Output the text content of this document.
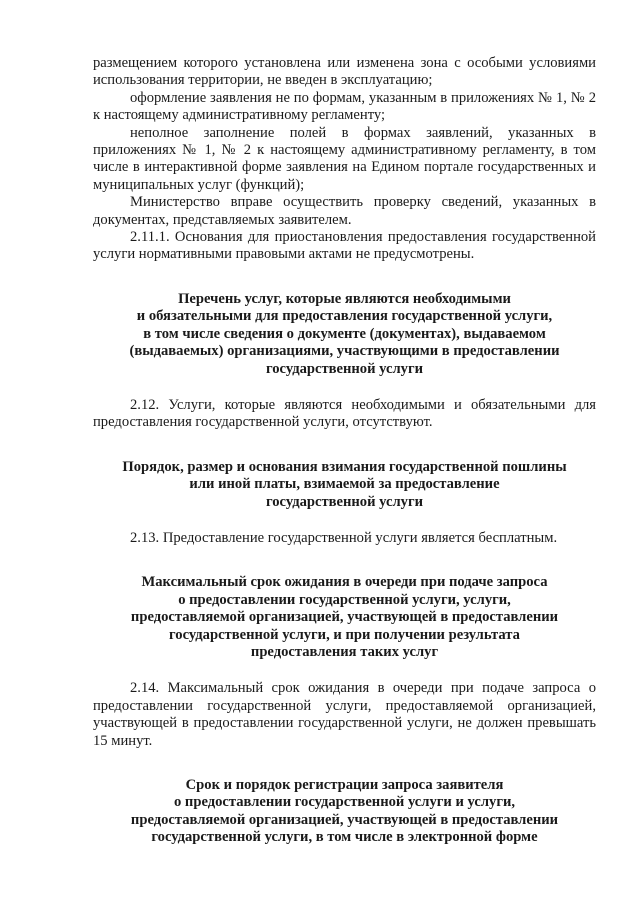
размещением которого установлена или изменена зона с особыми условиями использования территории, не введен в эксплуатацию;

оформление заявления не по формам, указанным в приложениях № 1, № 2 к настоящему административному регламенту;

неполное заполнение полей в формах заявлений, указанных в приложениях № 1, № 2 к настоящему административному регламенту, в том числе в интерактивной форме заявления на Едином портале государственных и муниципальных услуг (функций);

Министерство вправе осуществить проверку сведений, указанных в документах, представляемых заявителем.

2.11.1. Основания для приостановления предоставления государственной услуги нормативными правовыми актами не предусмотрены.

Перечень услуг, которые являются необходимыми
и обязательными для предоставления государственной услуги,
в том числе сведения о документе (документах), выдаваемом
(выдаваемых) организациями, участвующими в предоставлении
государственной услуги

2.12. Услуги, которые являются необходимыми и обязательными для предоставления государственной услуги, отсутствуют.

Порядок, размер и основания взимания государственной пошлины
или иной платы, взимаемой за предоставление
государственной услуги

2.13. Предоставление государственной услуги является бесплатным.

Максимальный срок ожидания в очереди при подаче запроса
о предоставлении государственной услуги, услуги,
предоставляемой организацией, участвующей в предоставлении
государственной услуги, и при получении результата
предоставления таких услуг

2.14. Максимальный срок ожидания в очереди при подаче запроса о предоставлении государственной услуги, предоставляемой организацией, участвующей в предоставлении государственной услуги, не должен превышать 15 минут.

Срок и порядок регистрации запроса заявителя
о предоставлении государственной услуги и услуги,
предоставляемой организацией, участвующей в предоставлении
государственной услуги, в том числе в электронной форме
